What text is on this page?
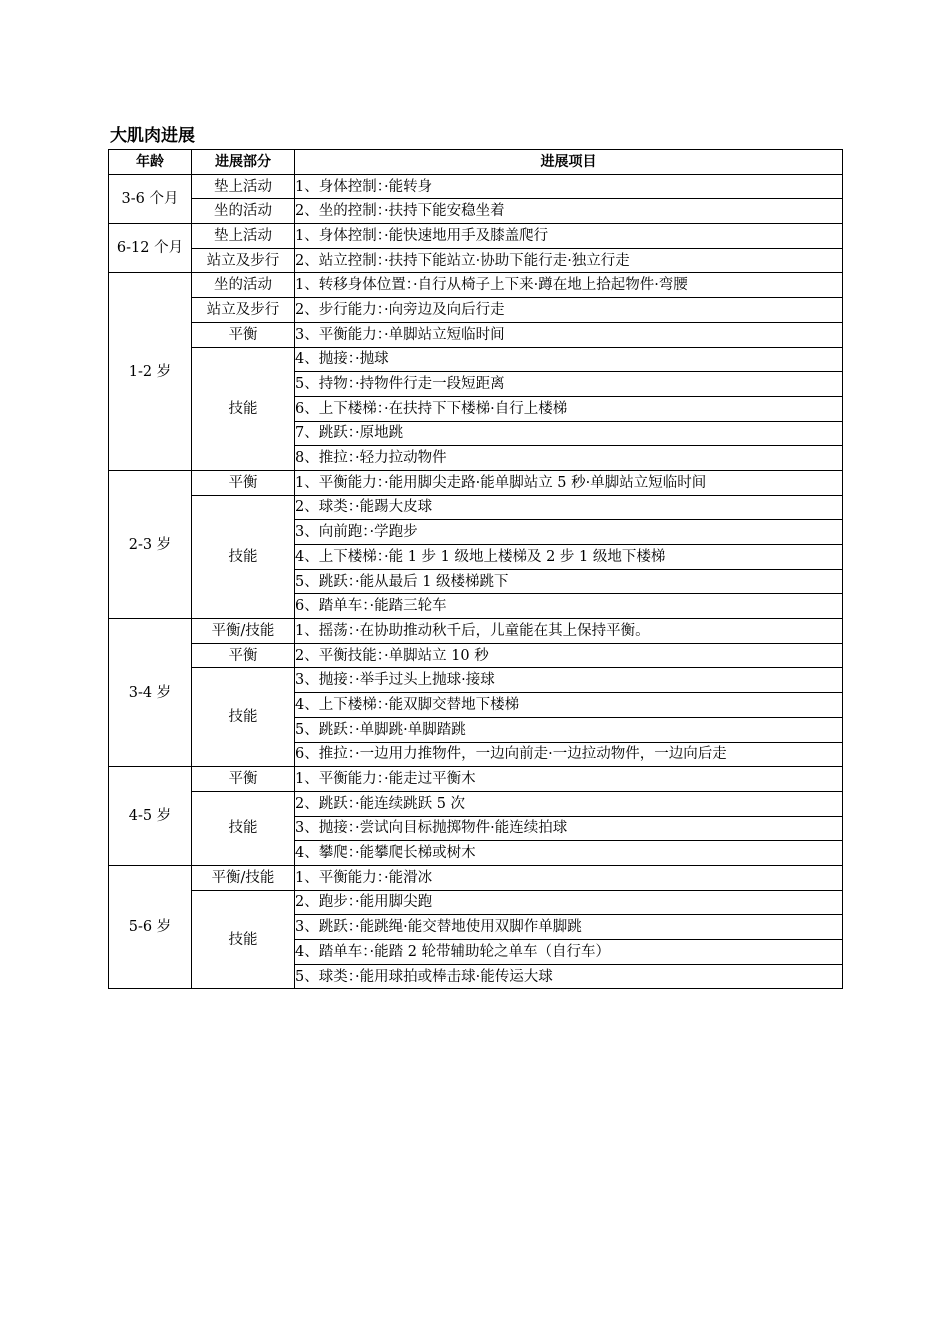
大肌肉进展
年龄	进展部分	进展项目
3-6 个月	垫上活动	1、身体控制：·能转身
	坐的活动	2、坐的控制：·扶持下能安稳坐着
6-12 个月	垫上活动	1、身体控制：·能快速地用手及膝盖爬行
	站立及步行	2、站立控制：·扶持下能站立·协助下能行走·独立行走
1-2 岁	坐的活动	1、转移身体位置：·自行从椅子上下来·蹲在地上拾起物件·弯腰
	站立及步行	2、步行能力：·向旁边及向后行走
	平衡	3、平衡能力：·单脚站立短临时间
	技能	4、抛接：·抛球
		5、持物：·持物件行走一段短距离
		6、上下楼梯：·在扶持下下楼梯·自行上楼梯
		7、跳跃：·原地跳
		8、推拉：·轻力拉动物件
2-3 岁	平衡	1、平衡能力：·能用脚尖走路·能单脚站立 5 秒·单脚站立短临时间
	技能	2、球类：·能踢大皮球
		3、向前跑：·学跑步
		4、上下楼梯：·能 1 步 1 级地上楼梯及 2 步 1 级地下楼梯
		5、跳跃：·能从最后 1 级楼梯跳下
		6、踏单车：·能踏三轮车
3-4 岁	平衡/技能	1、摇荡：·在协助推动秋千后，儿童能在其上保持平衡。
	平衡	2、平衡技能：·单脚站立 10 秒
	技能	3、抛接：·举手过头上抛球·接球
		4、上下楼梯：·能双脚交替地下楼梯
		5、跳跃：·单脚跳·单脚踏跳
		6、推拉：·一边用力推物件，一边向前走·一边拉动物件，一边向后走
4-5 岁	平衡	1、平衡能力：·能走过平衡木
	技能	2、跳跃：·能连续跳跃 5 次
		3、抛接：·尝试向目标抛掷物件·能连续拍球
		4、攀爬：·能攀爬长梯或树木
5-6 岁	平衡/技能	1、平衡能力：·能滑冰
	技能	2、跑步：·能用脚尖跑
		3、跳跃：·能跳绳·能交替地使用双脚作单脚跳
		4、踏单车：·能踏 2 轮带辅助轮之单车（自行车）
		5、球类：·能用球拍或棒击球·能传运大球
